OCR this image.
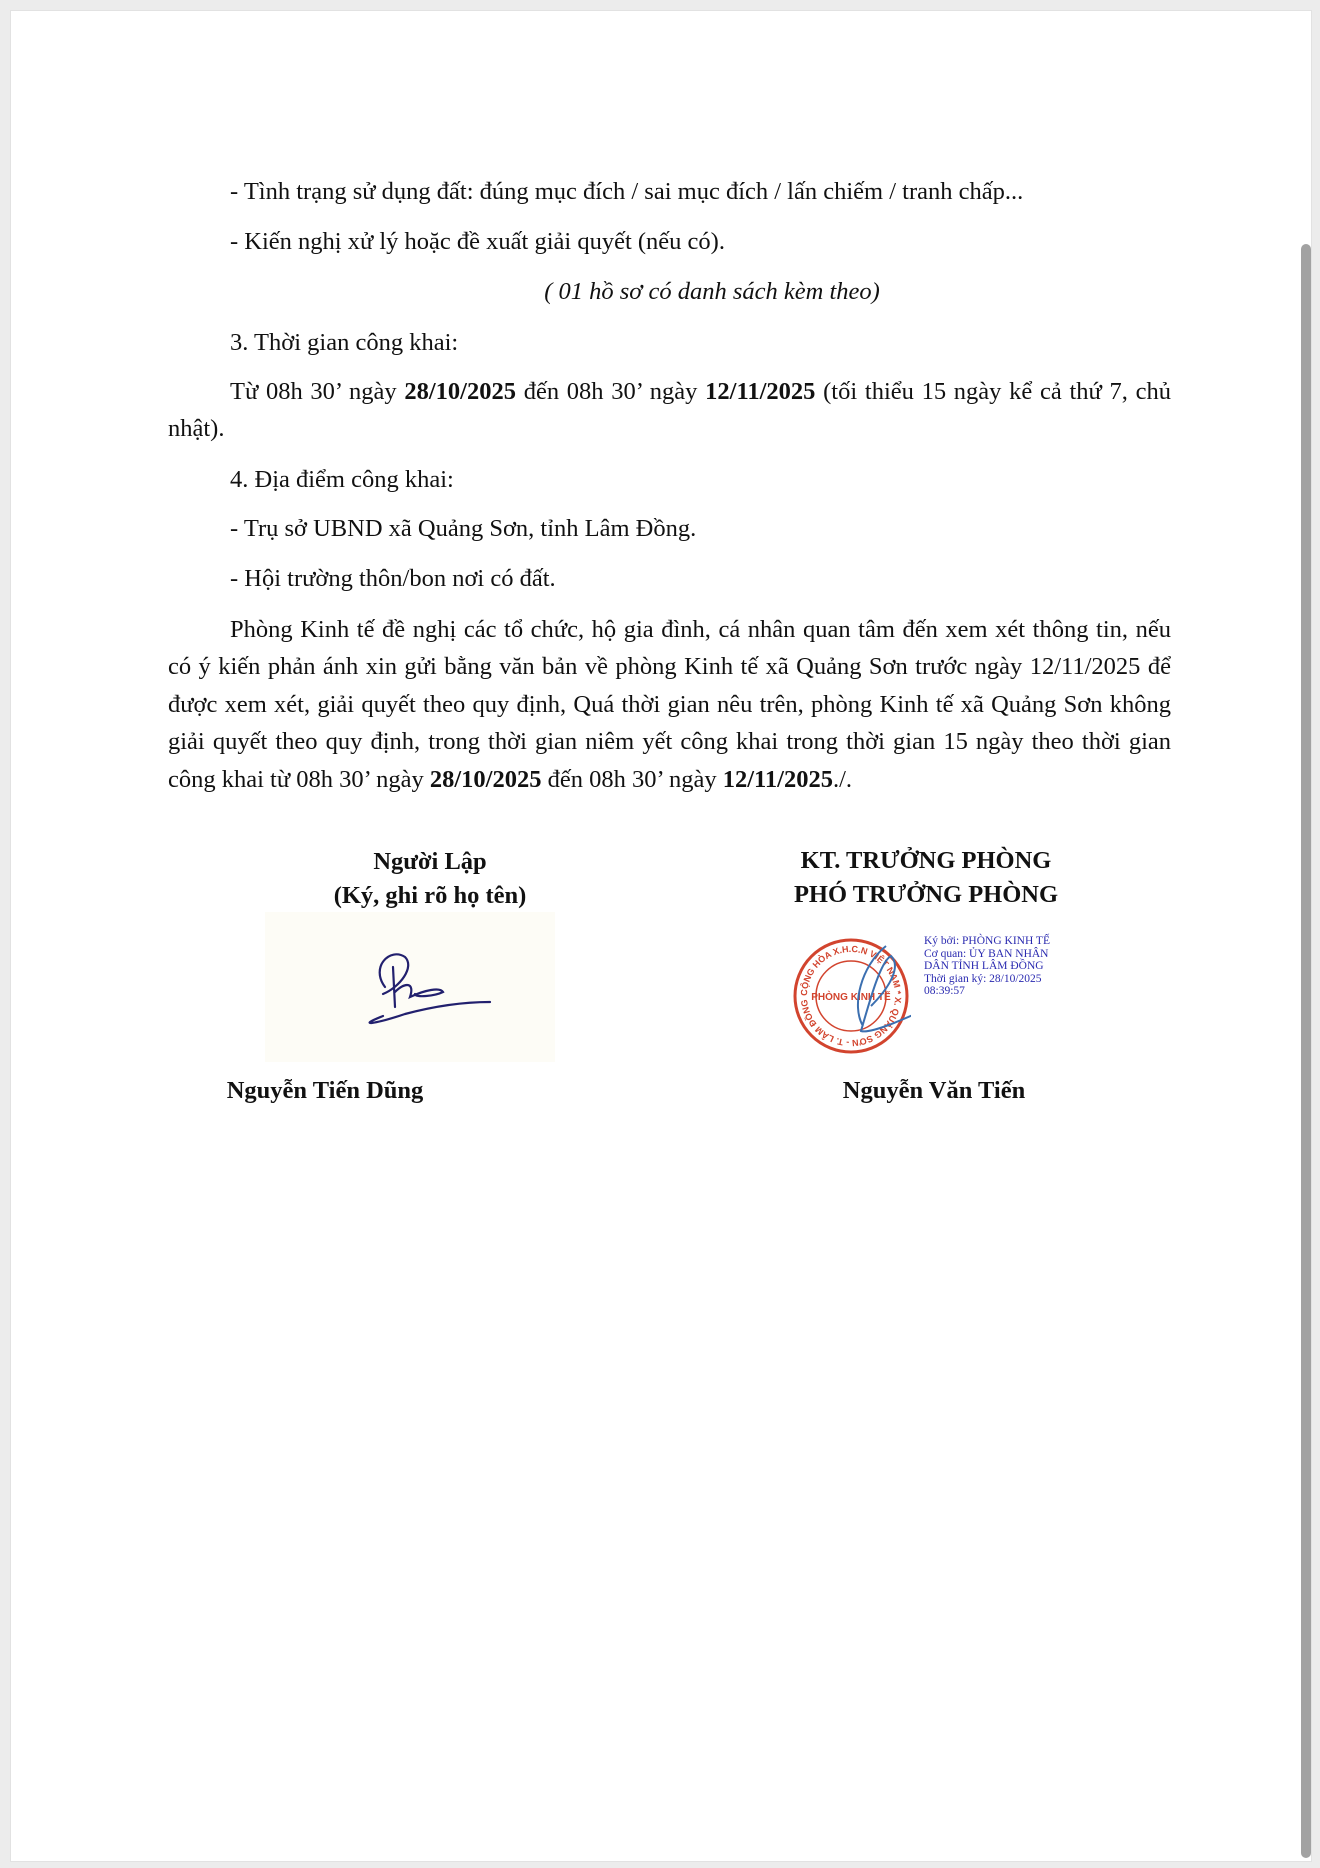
- Tình trạng sử dụng đất: đúng mục đích / sai mục đích / lấn chiếm / tranh chấp...
- Kiến nghị xử lý hoặc đề xuất giải quyết (nếu có).
( 01 hồ sơ có danh sách kèm theo)
3. Thời gian công khai:
Từ 08h 30’ ngày 28/10/2025 đến 08h 30’ ngày 12/11/2025 (tối thiểu 15 ngày kể cả thứ 7, chủ nhật).
4. Địa điểm công khai:
- Trụ sở UBND xã Quảng Sơn, tỉnh Lâm Đồng.
- Hội trường thôn/bon nơi có đất.
Phòng Kinh tế đề nghị các tổ chức, hộ gia đình, cá nhân quan tâm đến xem xét thông tin, nếu có ý kiến phản ánh xin gửi bằng văn bản về phòng Kinh tế xã Quảng Sơn trước ngày 12/11/2025 để được xem xét, giải quyết theo quy định, Quá thời gian nêu trên, phòng Kinh tế xã Quảng Sơn không giải quyết theo quy định, trong thời gian niêm yết công khai trong thời gian 15 ngày theo thời gian công khai từ 08h 30’ ngày 28/10/2025 đến 08h 30’ ngày 12/11/2025./.
Người Lập
(Ký, ghi rõ họ tên)
Nguyễn Tiến Dũng
KT. TRƯỞNG PHÒNG
PHÓ TRƯỞNG PHÒNG
CỘNG HÒA X.H.C.N VIỆT NAM * X. QUẢNG SƠN - T. LÂM ĐỒNG
PHÒNG KINH TẾ
Ký bởi: PHÒNG KINH TẾ
Cơ quan: ỦY BAN NHÂN
DÂN TỈNH LÂM ĐỒNG
Thời gian ký: 28/10/2025
08:39:57
Nguyễn Văn Tiến
